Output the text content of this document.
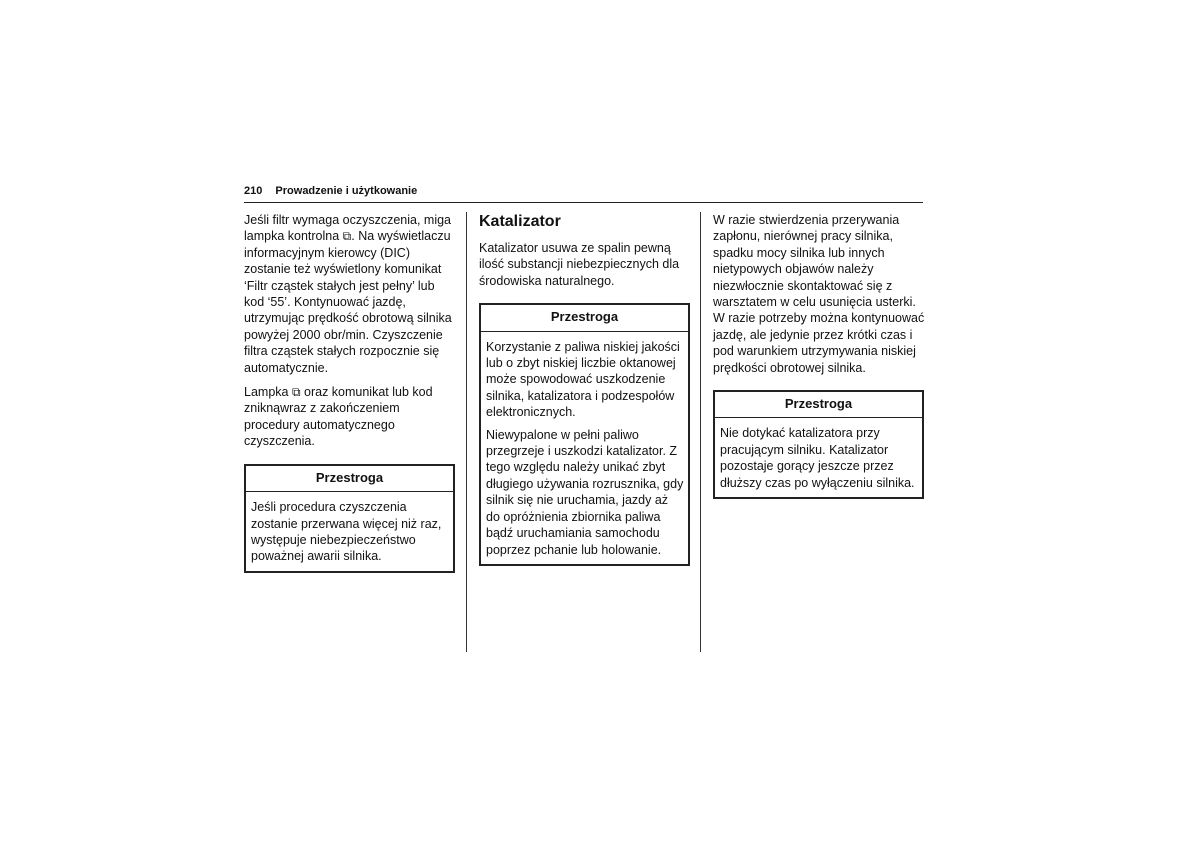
210 Prowadzenie i użytkowanie

Jeśli filtr wymaga oczyszczenia, miga lampka kontrolna ⧉. Na wyświetlaczu informacyjnym kierowcy (DIC) zostanie też wyświetlony komunikat ‘Filtr cząstek stałych jest pełny’ lub kod ‘55’. Kontynuować jazdę, utrzymując prędkość obrotową silnika powyżej 2000 obr/min. Czyszczenie filtra cząstek stałych rozpocznie się automatycznie.

Lampka ⧉ oraz komunikat lub kod zniknąwraz z zakończeniem procedury automatycznego czyszczenia.

Przestroga

Jeśli procedura czyszczenia zostanie przerwana więcej niż raz, występuje niebezpieczeństwo poważnej awarii silnika.

Katalizator

Katalizator usuwa ze spalin pewną ilość substancji niebezpiecznych dla środowiska naturalnego.

Przestroga

Korzystanie z paliwa niskiej jakości lub o zbyt niskiej liczbie oktanowej może spowodować uszkodzenie silnika, katalizatora i podzespołów elektronicznych.

Niewypalone w pełni paliwo przegrzeje i uszkodzi katalizator. Z tego względu należy unikać zbyt długiego używania rozrusznika, gdy silnik się nie uruchamia, jazdy aż do opróżnienia zbiornika paliwa bądź uruchamiania samochodu poprzez pchanie lub holowanie.

W razie stwierdzenia przerywania zapłonu, nierównej pracy silnika, spadku mocy silnika lub innych nietypowych objawów należy niezwłocznie skontaktować się z warsztatem w celu usunięcia usterki. W razie potrzeby można kontynuować jazdę, ale jedynie przez krótki czas i pod warunkiem utrzymywania niskiej prędkości obrotowej silnika.

Przestroga

Nie dotykać katalizatora przy pracującym silniku. Katalizator pozostaje gorący jeszcze przez dłuższy czas po wyłączeniu silnika.
